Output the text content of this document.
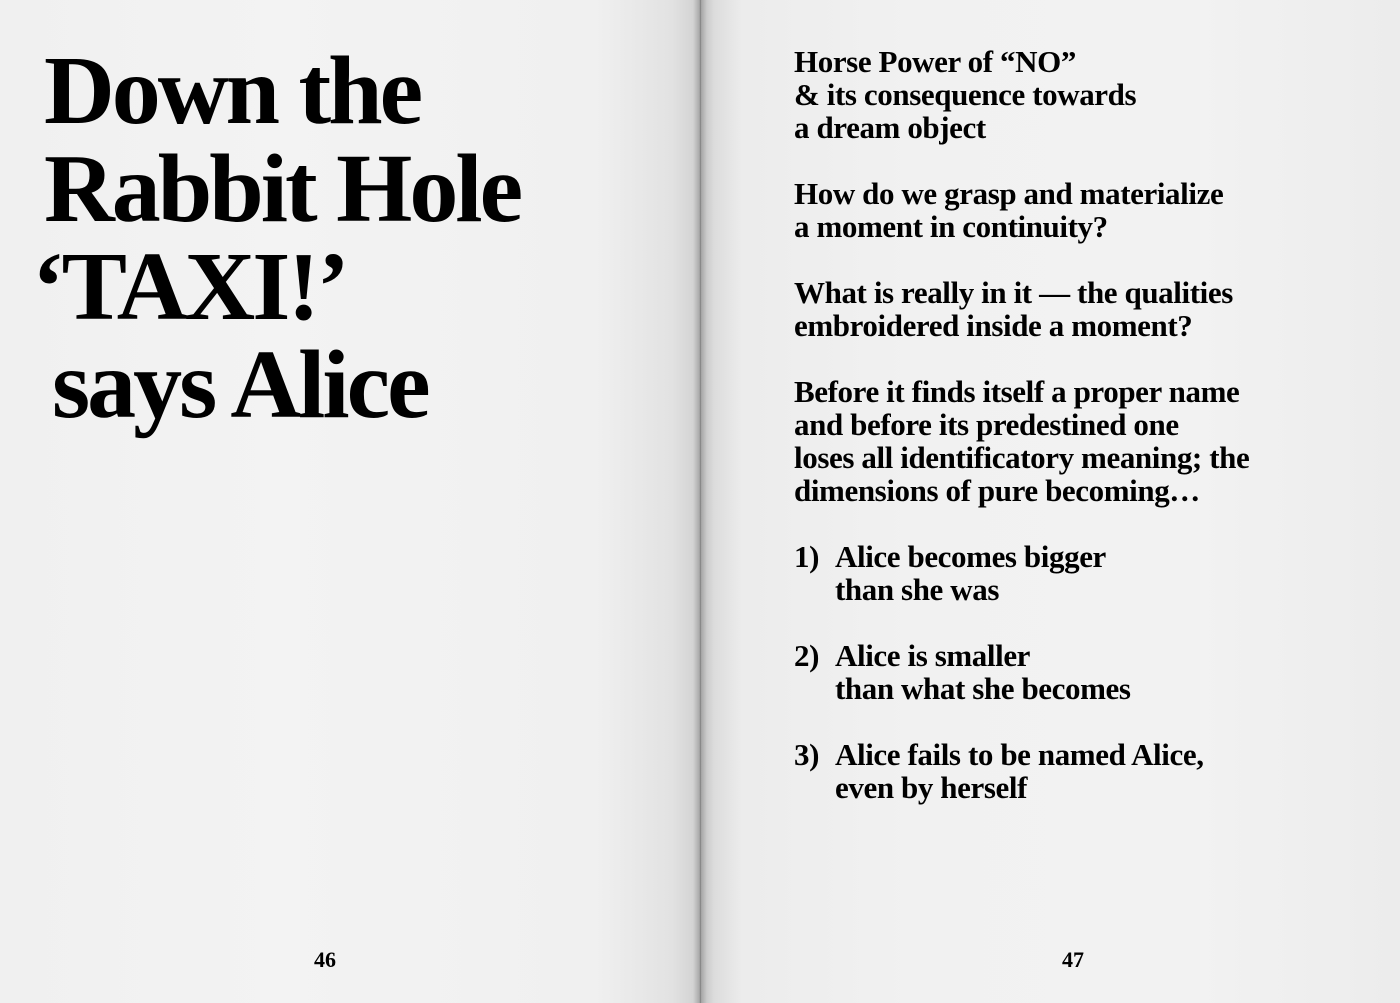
Down the
Rabbit Hole
‘TAXI!’
says Alice
46

Horse Power of “NO”
& its consequence towards
a dream object

How do we grasp and materialize
a moment in continuity?

What is really in it — the qualities
embroidered inside a moment?

Before it finds itself a proper name
and before its predestined one
loses all identificatory meaning; the
dimensions of pure becoming…

1) Alice becomes bigger
than she was
2) Alice is smaller
than what she becomes
3) Alice fails to be named Alice,
even by herself
47
